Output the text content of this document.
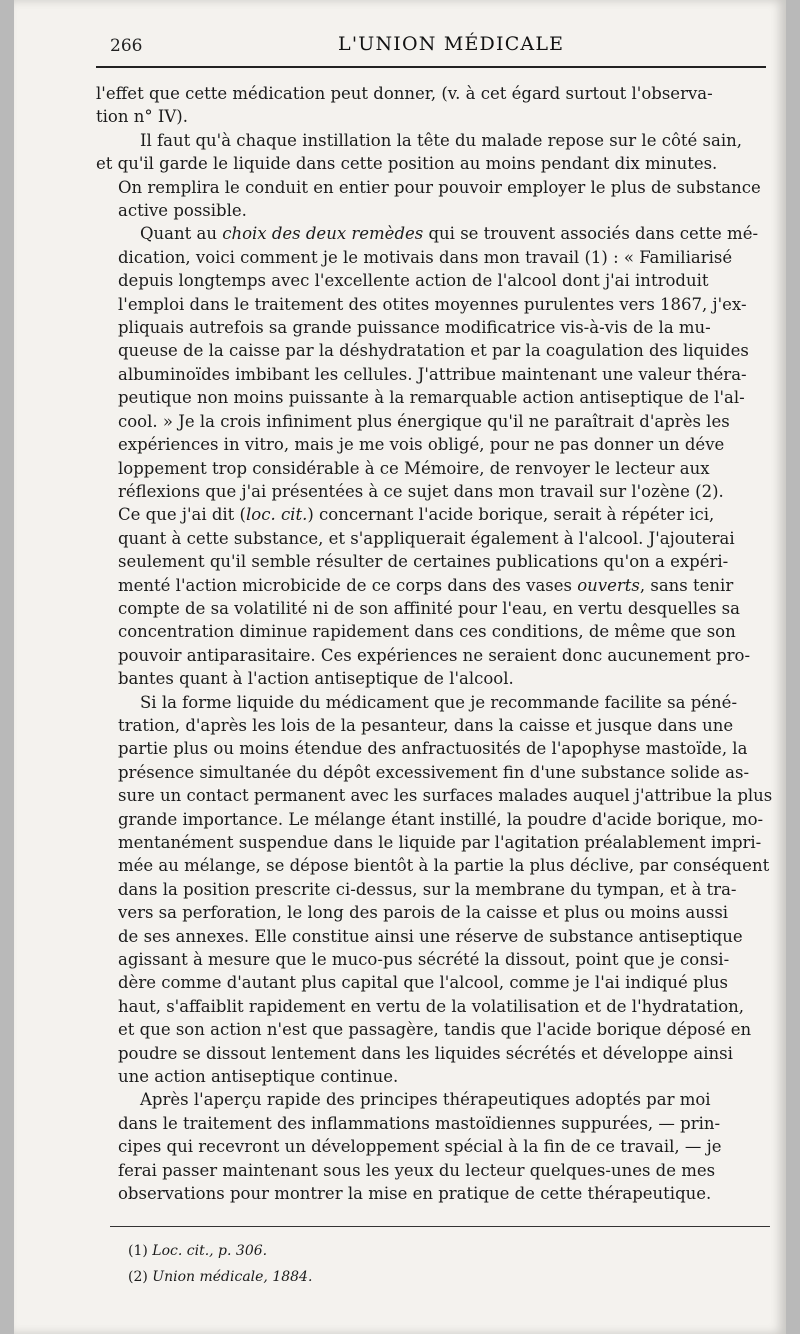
266	L'UNION MÉDICALE

l'effet que cette médication peut donner, (v. à cet égard surtout l'observa-
tion n° IV).

Il faut qu'à chaque instillation la tête du malade repose sur le côté sain,
et qu'il garde le liquide dans cette position au moins pendant dix minutes.
On remplira le conduit en entier pour pouvoir employer le plus de substance
active possible.

Quant au choix des deux remèdes qui se trouvent associés dans cette mé-
dication, voici comment je le motivais dans mon travail (1) : « Familiarisé
depuis longtemps avec l'excellente action de l'alcool dont j'ai introduit
l'emploi dans le traitement des otites moyennes purulentes vers 1867, j'ex-
pliquais autrefois sa grande puissance modificatrice vis-à-vis de la mu-
queuse de la caisse par la déshydratation et par la coagulation des liquides
albuminoïdes imbibant les cellules. J'attribue maintenant une valeur théra-
peutique non moins puissante à la remarquable action antiseptique de l'al-
cool. » Je la crois infiniment plus énergique qu'il ne paraîtrait d'après les
expériences in vitro, mais je me vois obligé, pour ne pas donner un déve
loppement trop considérable à ce Mémoire, de renvoyer le lecteur aux
réflexions que j'ai présentées à ce sujet dans mon travail sur l'ozène (2).
Ce que j'ai dit (loc. cit.) concernant l'acide borique, serait à répéter ici,
quant à cette substance, et s'appliquerait également à l'alcool. J'ajouterai
seulement qu'il semble résulter de certaines publications qu'on a expéri-
menté l'action microbicide de ce corps dans des vases ouverts, sans tenir
compte de sa volatilité ni de son affinité pour l'eau, en vertu desquelles sa
concentration diminue rapidement dans ces conditions, de même que son
pouvoir antiparasitaire. Ces expériences ne seraient donc aucunement pro-
bantes quant à l'action antiseptique de l'alcool.

Si la forme liquide du médicament que je recommande facilite sa péné-
tration, d'après les lois de la pesanteur, dans la caisse et jusque dans une
partie plus ou moins étendue des anfractuosités de l'apophyse mastoïde, la
présence simultanée du dépôt excessivement fin d'une substance solide as-
sure un contact permanent avec les surfaces malades auquel j'attribue la plus
grande importance. Le mélange étant instillé, la poudre d'acide borique, mo-
mentanément suspendue dans le liquide par l'agitation préalablement impri-
mée au mélange, se dépose bientôt à la partie la plus déclive, par conséquent
dans la position prescrite ci-dessus, sur la membrane du tympan, et à tra-
vers sa perforation, le long des parois de la caisse et plus ou moins aussi
de ses annexes. Elle constitue ainsi une réserve de substance antiseptique
agissant à mesure que le muco-pus sécrété la dissout, point que je consi-
dère comme d'autant plus capital que l'alcool, comme je l'ai indiqué plus
haut, s'affaiblit rapidement en vertu de la volatilisation et de l'hydratation,
et que son action n'est que passagère, tandis que l'acide borique déposé en
poudre se dissout lentement dans les liquides sécrétés et développe ainsi
une action antiseptique continue.

Après l'aperçu rapide des principes thérapeutiques adoptés par moi
dans le traitement des inflammations mastoïdiennes suppurées, — prin-
cipes qui recevront un développement spécial à la fin de ce travail, — je
ferai passer maintenant sous les yeux du lecteur quelques-unes de mes
observations pour montrer la mise en pratique de cette thérapeutique.

(1) Loc. cit., p. 306.
(2) Union médicale, 1884.
